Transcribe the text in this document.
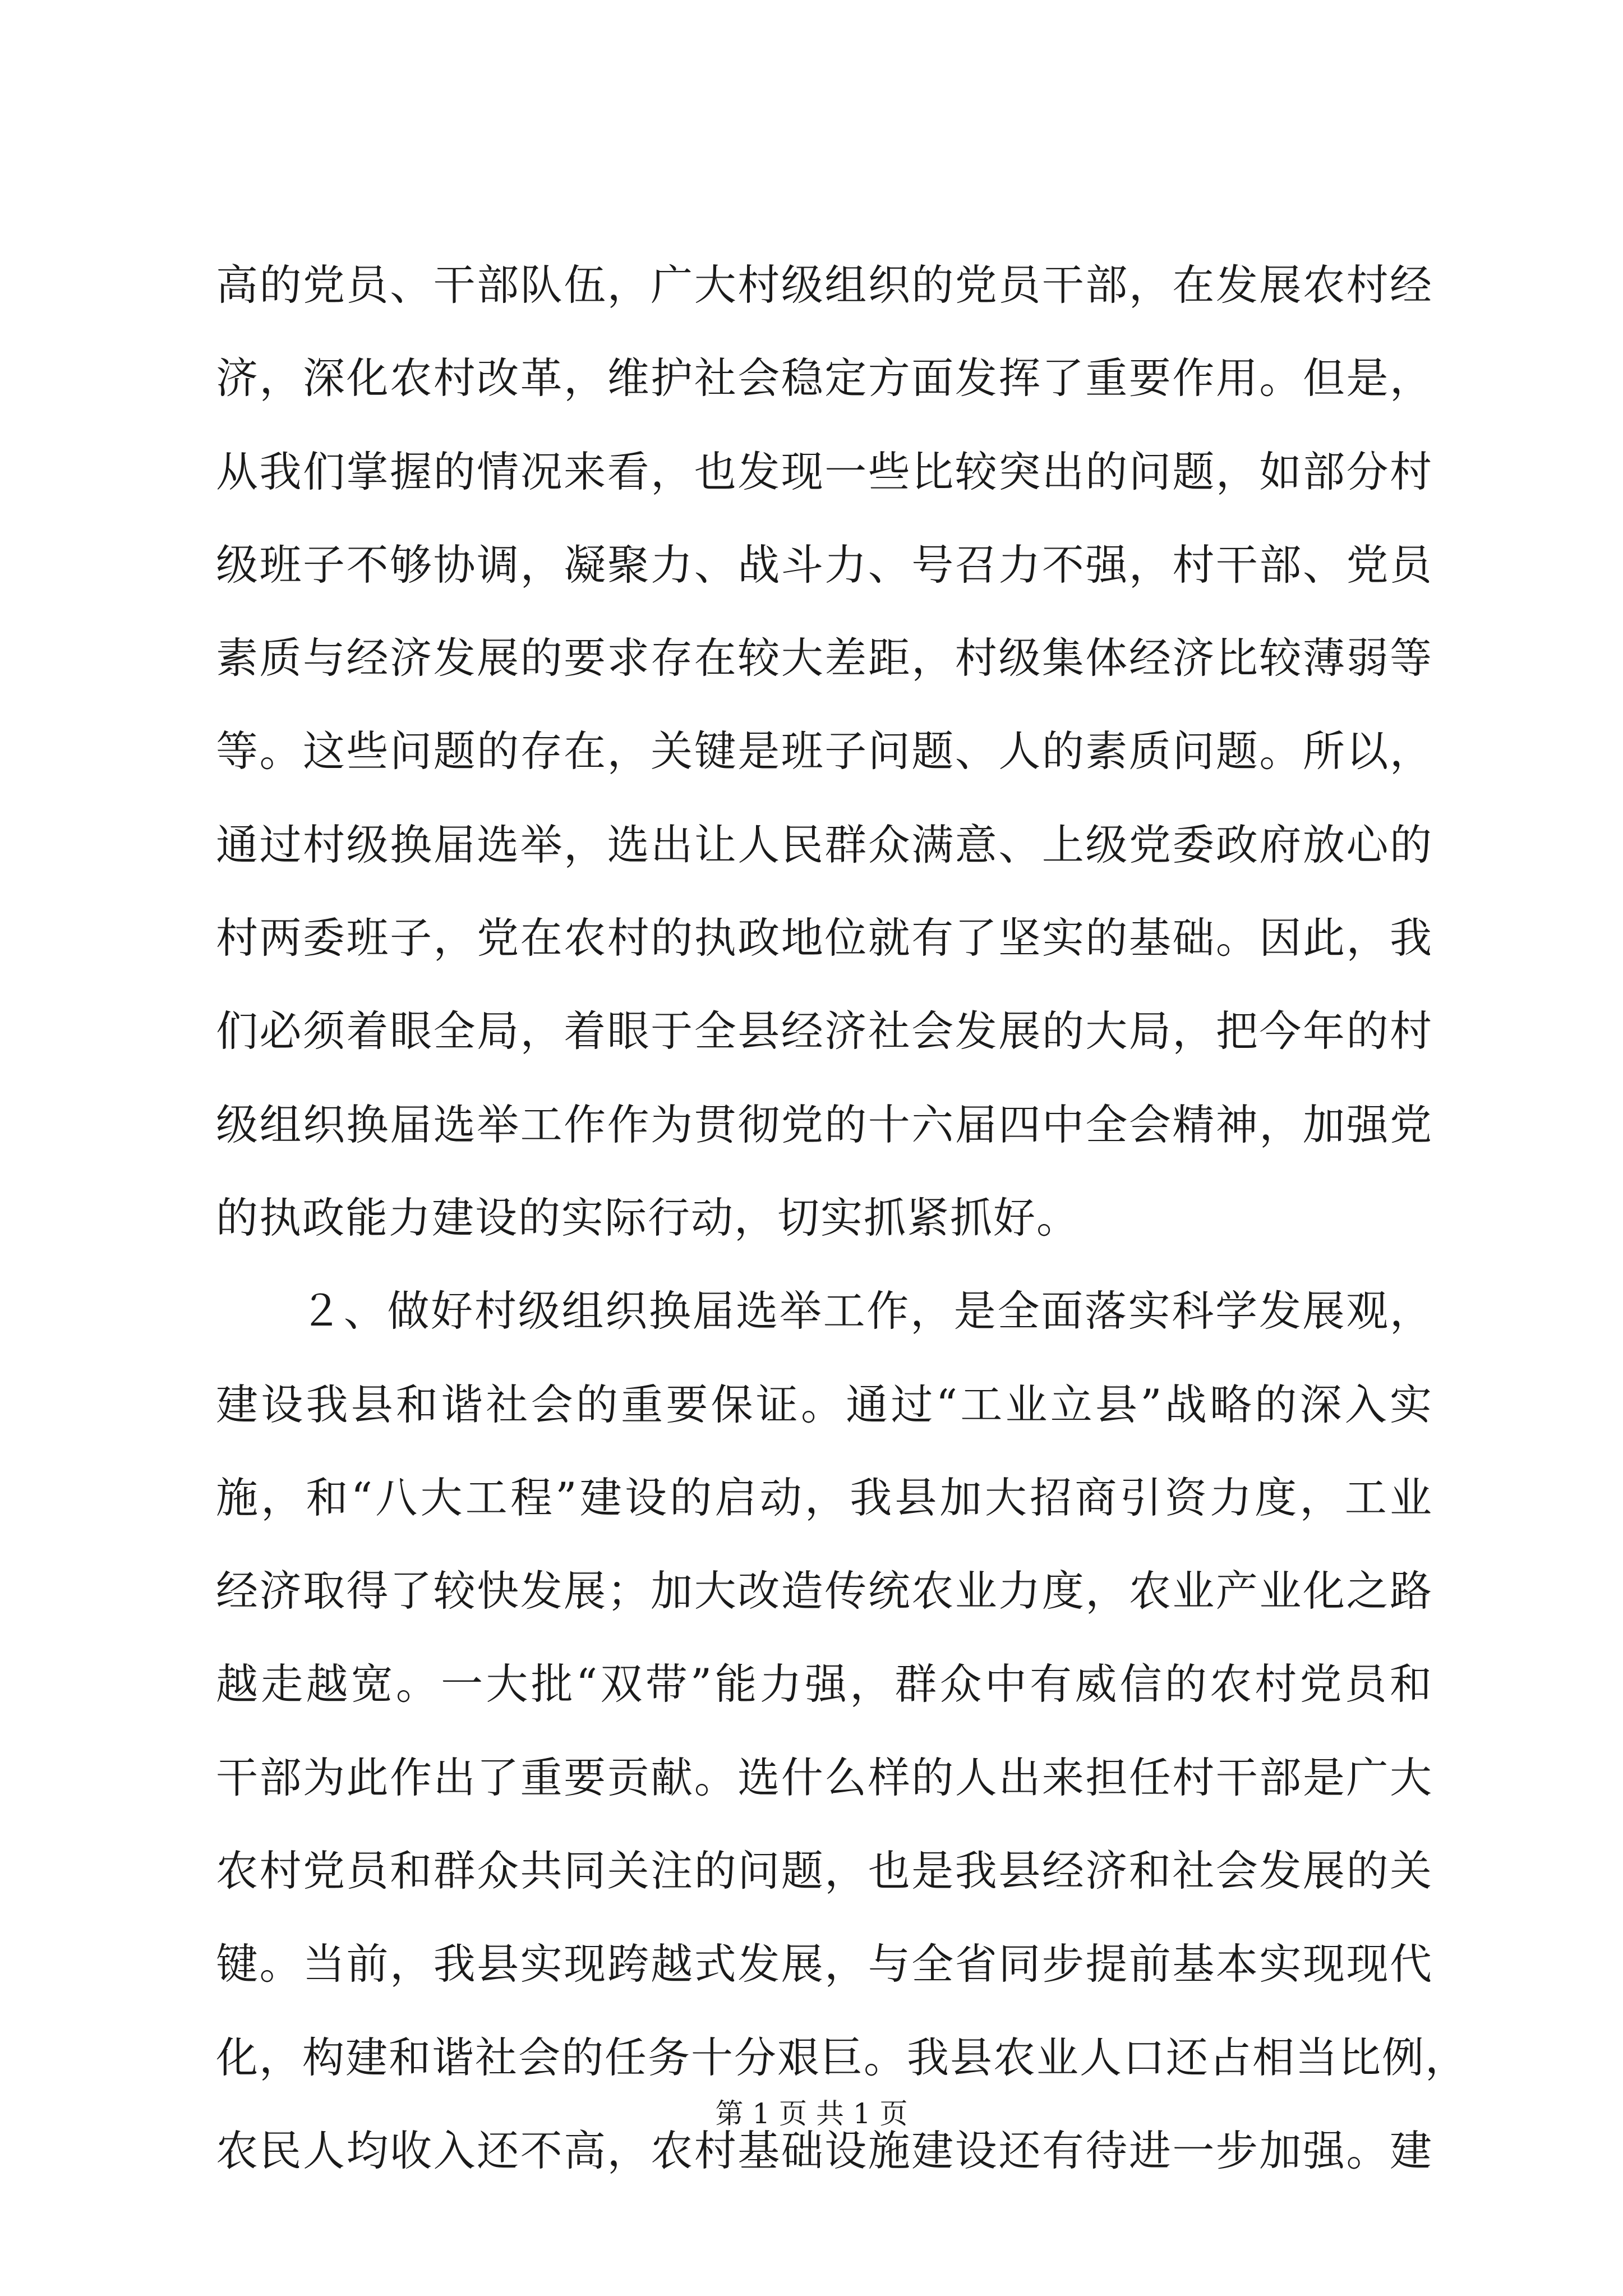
高的党员、干部队伍，广大村级组织的党员干部，在发展农村经
济，深化农村改革，维护社会稳定方面发挥了重要作用。但是，
从我们掌握的情况来看，也发现一些比较突出的问题，如部分村
级班子不够协调，凝聚力、战斗力、号召力不强，村干部、党员
素质与经济发展的要求存在较大差距，村级集体经济比较薄弱等
等。这些问题的存在，关键是班子问题、人的素质问题。所以，
通过村级换届选举，选出让人民群众满意、上级党委政府放心的
村两委班子，党在农村的执政地位就有了坚实的基础。因此，我
们必须着眼全局，着眼于全县经济社会发展的大局，把今年的村
级组织换届选举工作作为贯彻党的十六届四中全会精神，加强党
的执政能力建设的实际行动，切实抓紧抓好。
２、做好村级组织换届选举工作，是全面落实科学发展观，
建设我县和谐社会的重要保证。通过“工业立县”战略的深入实
施，和“八大工程”建设的启动，我县加大招商引资力度，工业
经济取得了较快发展；加大改造传统农业力度，农业产业化之路
越走越宽。一大批“双带”能力强，群众中有威信的农村党员和
干部为此作出了重要贡献。选什么样的人出来担任村干部是广大
农村党员和群众共同关注的问题，也是我县经济和社会发展的关
键。当前，我县实现跨越式发展，与全省同步提前基本实现现代
化，构建和谐社会的任务十分艰巨。我县农业人口还占相当比例，
农民人均收入还不高，农村基础设施建设还有待进一步加强。建
第 1 页 共 1 页
